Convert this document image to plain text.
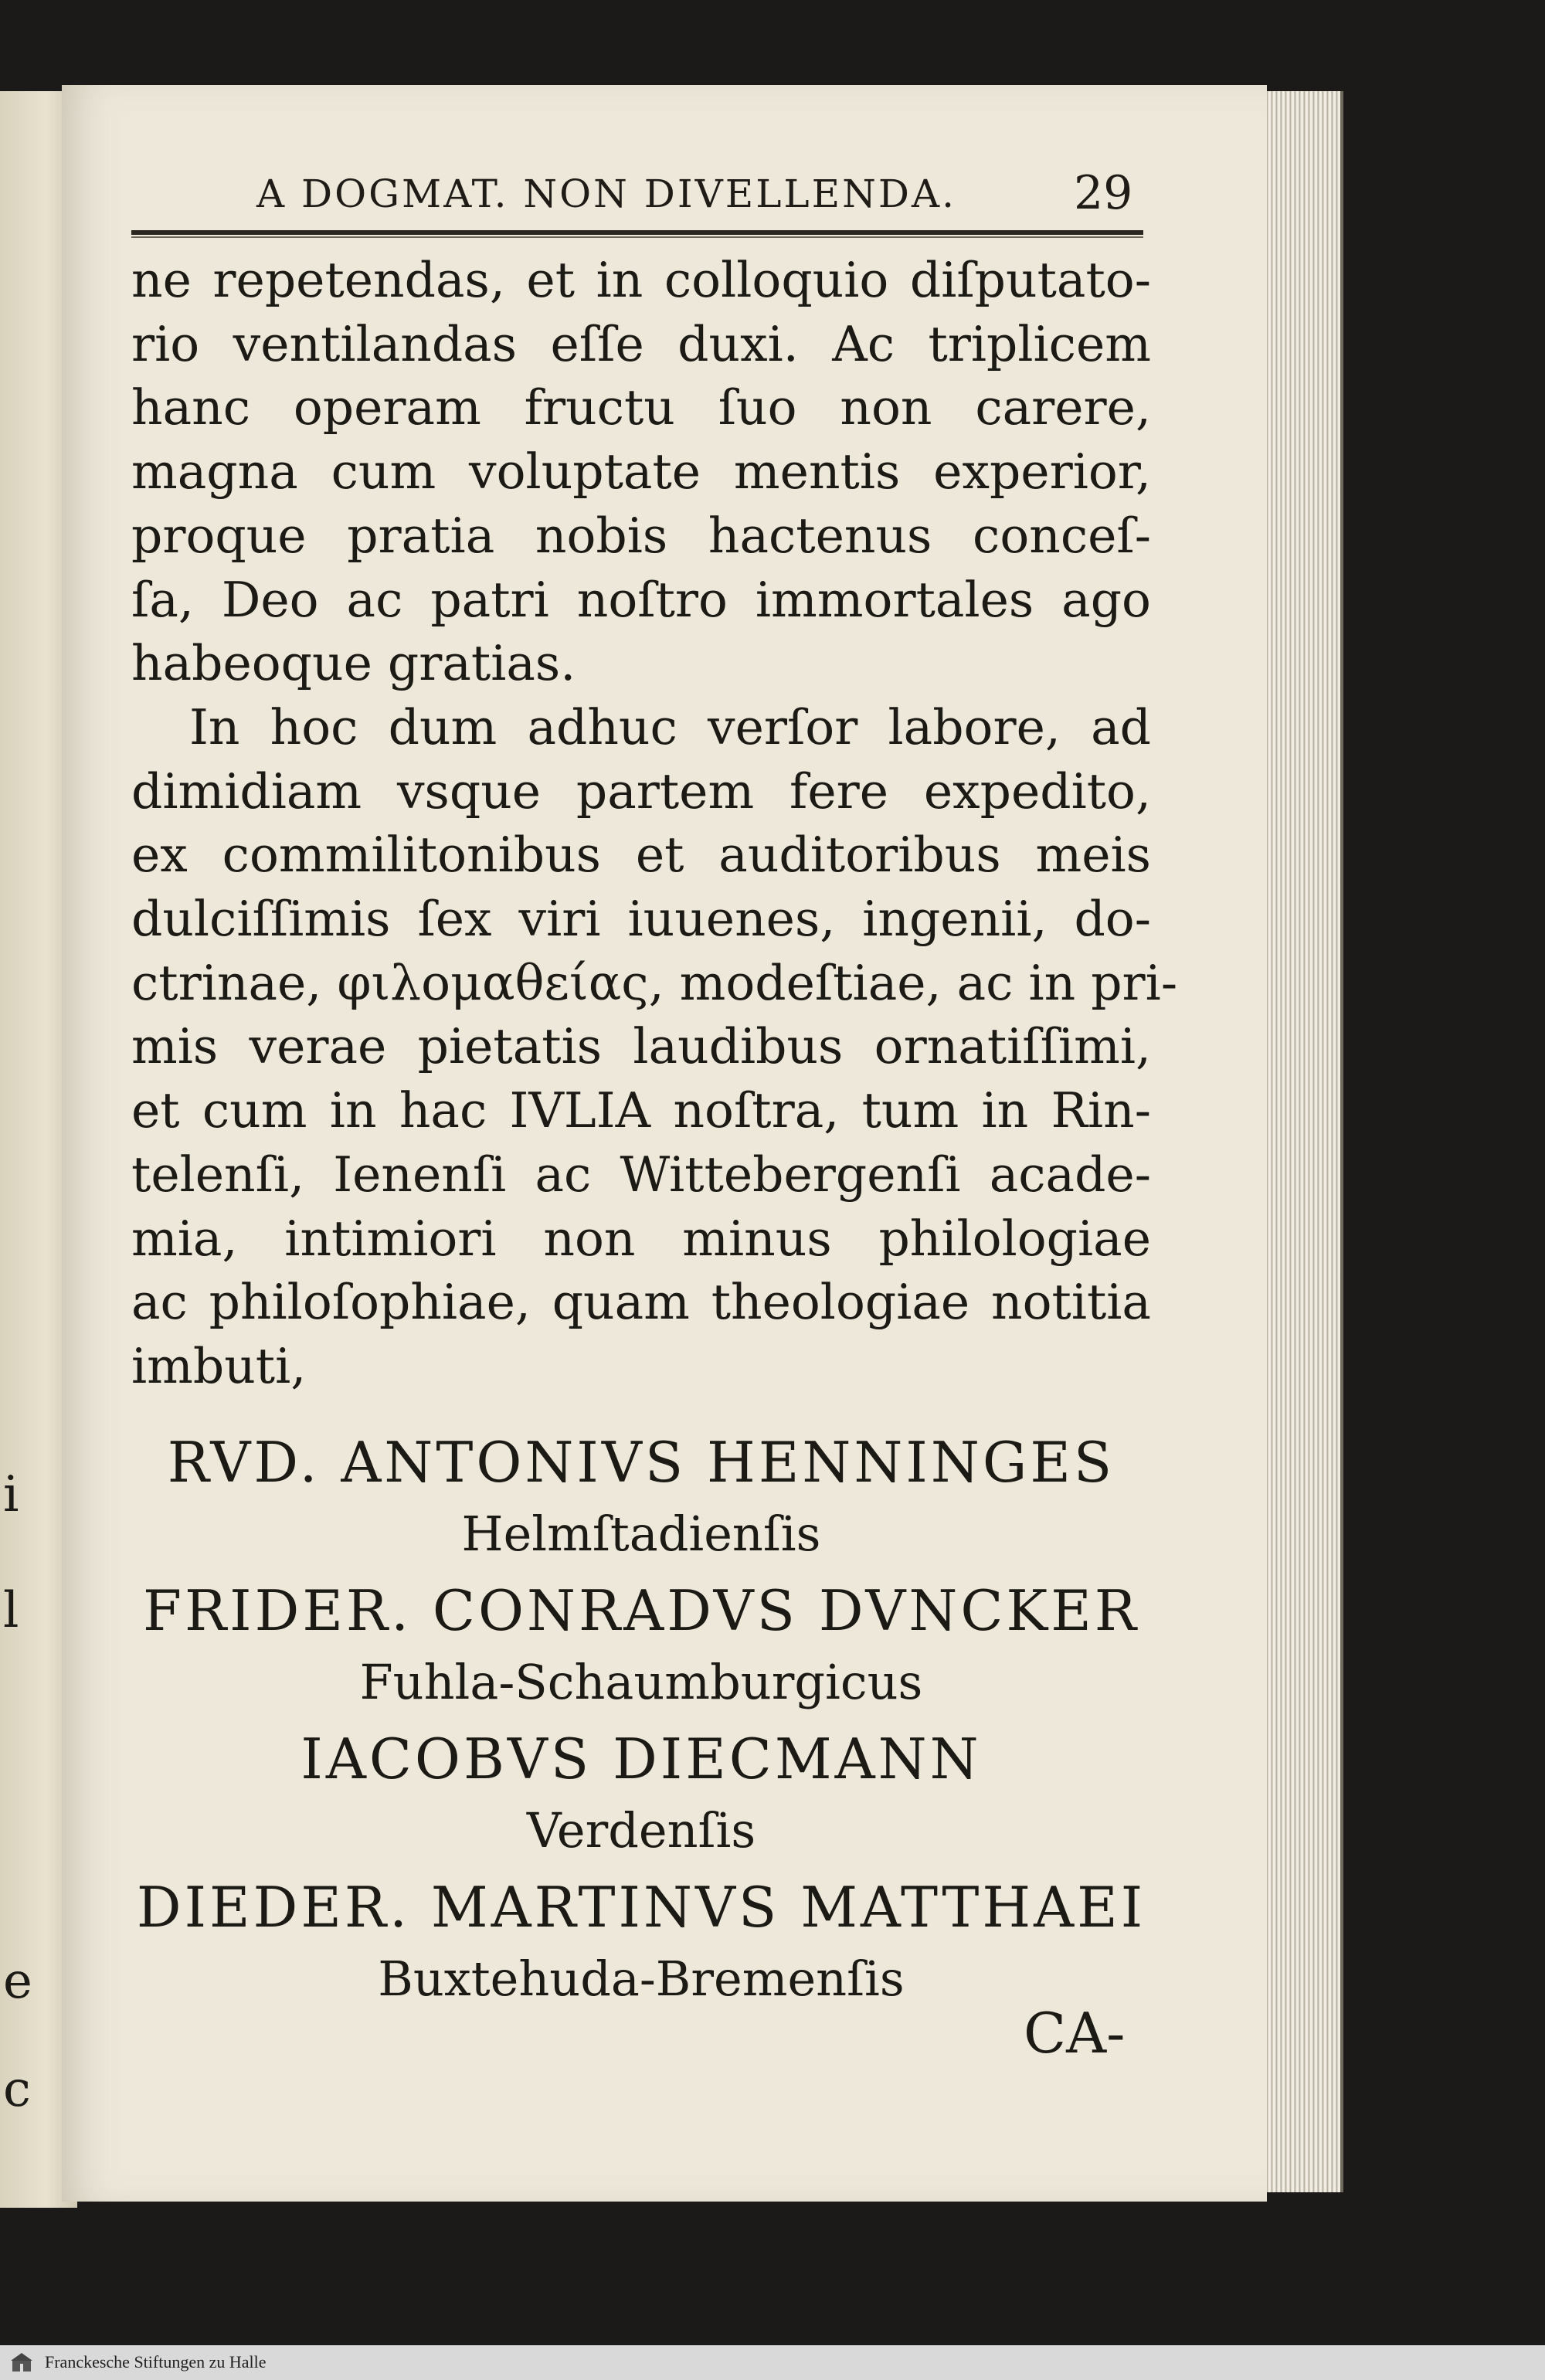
i
l
e
c
A DOGMAT. NON DIVELLENDA.	29
ne repetendas, et in colloquio diſputato-
rio ventilandas eſſe duxi. Ac triplicem
hanc operam fructu ſuo non carere,
magna cum voluptate mentis experior,
proque pratia nobis hactenus conceſ-
ſa, Deo ac patri noſtro immortales ago
habeoque gratias.
In hoc dum adhuc verſor labore, ad
dimidiam vsque partem fere expedito,
ex commilitonibus et auditoribus meis
dulciſſimis ſex viri iuuenes, ingenii, do-
ctrinae, φιλομαθείας, modeſtiae, ac in pri-
mis verae pietatis laudibus ornatiſſimi,
et cum in hac IVLIA noſtra, tum in Rin-
telenſi, Ienenſi ac Wittebergenſi acade-
mia, intimiori non minus philologiae
ac philoſophiae, quam theologiae notitia
imbuti,
RVD. ANTONIVS HENNINGES
Helmſtadienſis
FRIDER. CONRADVS DVNCKER
Fuhla-Schaumburgicus
IACOBVS DIECMANN
Verdenſis
DIEDER. MARTINVS MATTHAEI
Buxtehuda-Bremenſis
CA-
Franckesche Stiftungen zu Halle
